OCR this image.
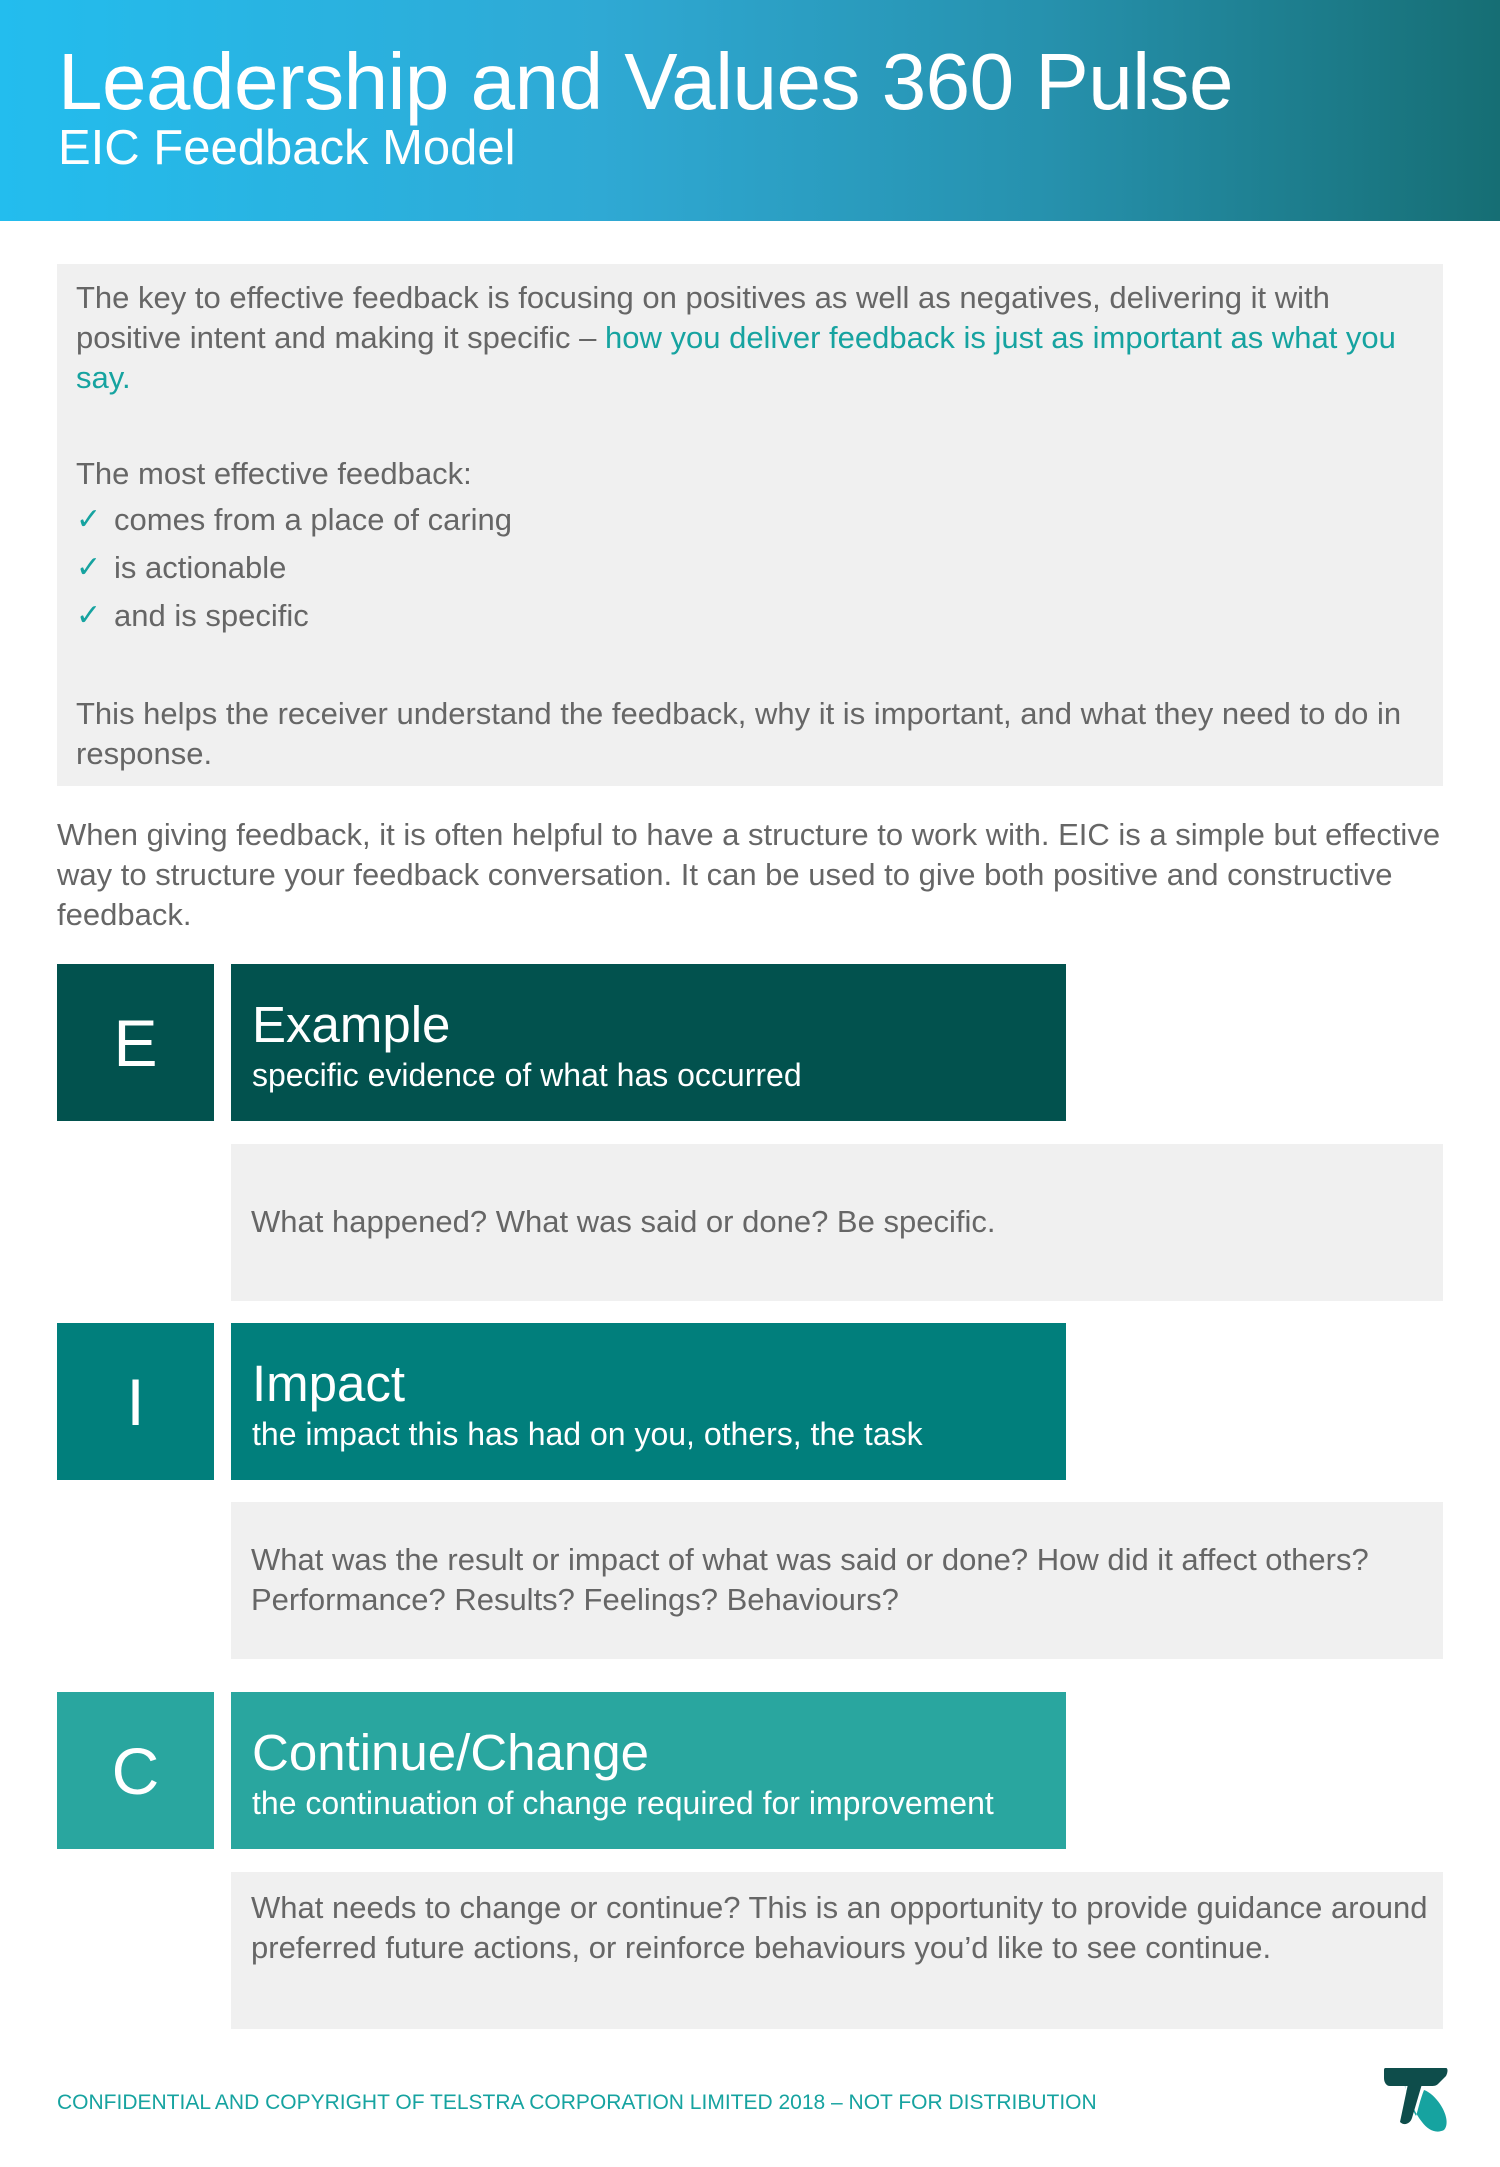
Leadership and Values 360 Pulse
EIC Feedback Model

The key to effective feedback is focusing on positives as well as negatives, delivering it with positive intent and making it specific – how you deliver feedback is just as important as what you say.

The most effective feedback:

✓ comes from a place of caring
✓ is actionable
✓ and is specific

This helps the receiver understand the feedback, why it is important, and what they need to do in response.

When giving feedback, it is often helpful to have a structure to work with. EIC is a simple but effective way to structure your feedback conversation. It can be used to give both positive and constructive feedback.

E	Example
specific evidence of what has occurred

What happened? What was said or done? Be specific.

I	Impact
the impact this has had on you, others, the task

What was the result or impact of what was said or done? How did it affect others? Performance? Results? Feelings? Behaviours?

C	Continue/Change
the continuation of change required for improvement

What needs to change or continue? This is an opportunity to provide guidance around preferred future actions, or reinforce behaviours you’d like to see continue.

CONFIDENTIAL AND COPYRIGHT OF TELSTRA CORPORATION LIMITED 2018 – NOT FOR DISTRIBUTION
